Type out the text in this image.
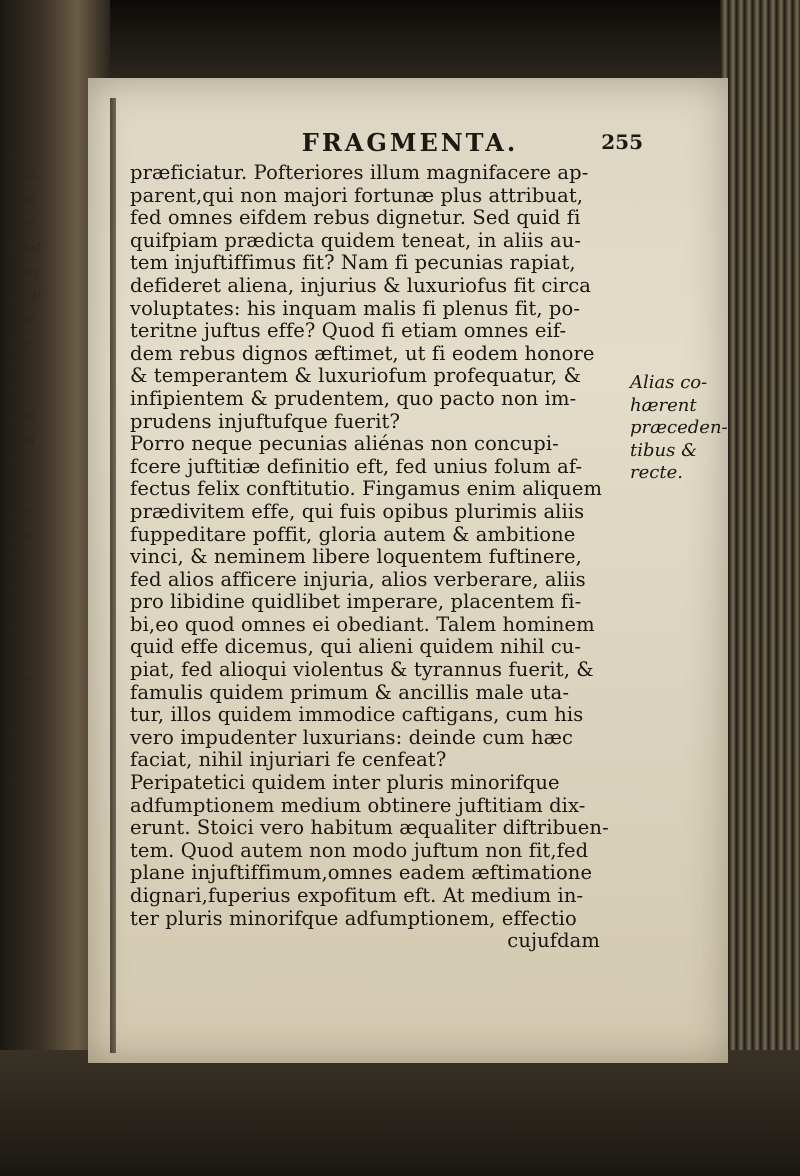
y/ n
Clou-
i(ure
dimf,
X, hal
(aaby
ual d/
), m(
ippr
lay
t) al
y mh
(alos
r(l
ixi
y ml
y (in
l), y
qnt
(m(
mt
(ad
), ut
nal
alt
(a(
y(1
FRAGMENTA.	255
præficiatur. Pofteriores illum magnifacere ap-
parent,qui non majori fortunæ plus attribuat,
fed omnes eifdem rebus dignetur. Sed quid fi
quifpiam prædicta quidem teneat, in aliis au-
tem injuftiffimus fit? Nam fi pecunias rapiat,
defideret aliena, injurius & luxuriofus fit circa
voluptates: his inquam malis fi plenus fit, po-
teritne juftus effe? Quod fi etiam omnes eif-
dem rebus dignos æftimet, ut fi eodem honore
& temperantem & luxuriofum profequatur, &
infipientem & prudentem, quo pacto non im-
prudens injuftufque fuerit?
Porro neque pecunias aliénas non concupi-
fcere juftitiæ definitio eft, fed unius folum af-
fectus felix conftitutio. Fingamus enim aliquem
prædivitem effe, qui fuis opibus plurimis aliis
fuppeditare poffit, gloria autem & ambitione
vinci, & neminem libere loquentem fuftinere,
fed alios afficere injuria, alios verberare, aliis
pro libidine quidlibet imperare, placentem fi-
bi,eo quod omnes ei obediant. Talem hominem
quid effe dicemus, qui alieni quidem nihil cu-
piat, fed alioqui violentus & tyrannus fuerit, &
famulis quidem primum & ancillis male uta-
tur, illos quidem immodice caftigans, cum his
vero impudenter luxurians: deinde cum hæc
faciat, nihil injuriari fe cenfeat?
Peripatetici quidem inter pluris minorifque
adfumptionem medium obtinere juftitiam dix-
erunt. Stoici vero habitum æqualiter diftribuen-
tem. Quod autem non modo juftum non fit,fed
plane injuftiffimum,omnes eadem æftimatione
dignari,fuperius expofitum eft. At medium in-
ter pluris minorifque adfumptionem, effectio
cujufdam
Alias co-
hærent
præceden-
tibus &
recte.
